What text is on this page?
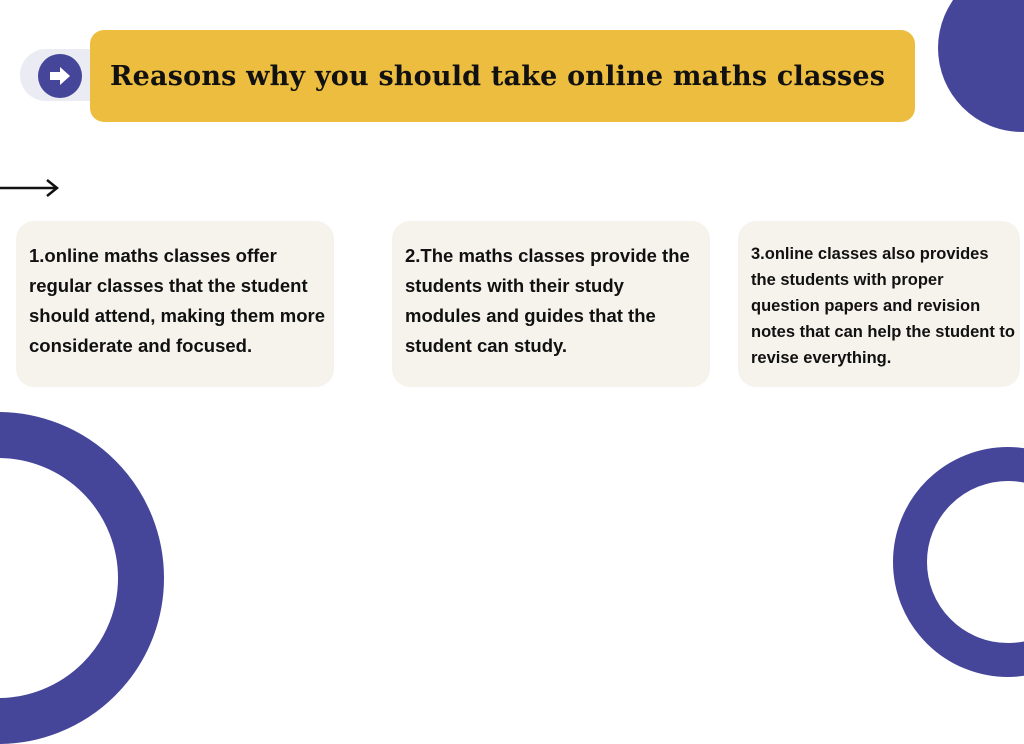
Reasons why you should take online maths classes
1.online maths classes offer regular classes that the student should attend, making them more considerate and focused.
2.The maths classes provide the students with their study modules and guides that the student can study.
3.online classes also provides the students with proper question papers and revision notes that can help the student to revise everything.
